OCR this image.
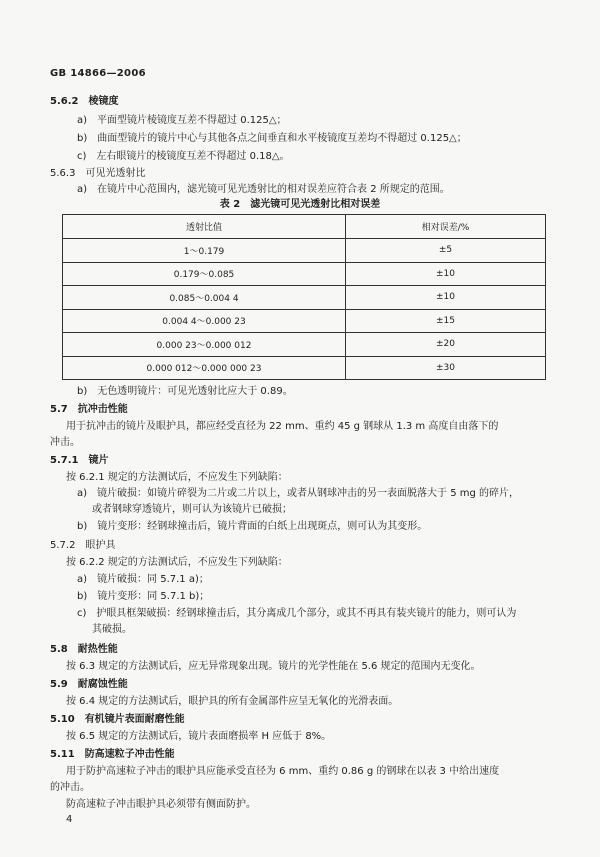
GB 14866—2006
5.6.2　 棱镜度
a)　 平面型镜片棱镜度互差不得超过 0.125△；
b)　 曲面型镜片的镜片中心与其他各点之间垂直和水平棱镜度互差均不得超过 0.125△；
c)　 左右眼镜片的棱镜度互差不得超过 0.18△。
5.6.3　 可见光透射比
a)　 在镜片中心范围内，滤光镜可见光透射比的相对误差应符合表 2 所规定的范围。
表 2　滤光镜可见光透射比相对误差
透射比值	相对误差/%
1～0.179	±5
0.179～0.085	±10
0.085～0.004 4	±10
0.004 4～0.000 23	±15
0.000 23～0.000 012	±20
0.000 012～0.000 000 23	±30
b)　 无色透明镜片：可见光透射比应大于 0.89。
5.7　 抗冲击性能
用于抗冲击的镜片及眼护具，都应经受直径为 22 mm、重约 45 g 钢球从 1.3 m 高度自由落下的
冲击。
5.7.1　 镜片
按 6.2.1 规定的方法测试后，不应发生下列缺陷：
a)　 镜片破损：如镜片碎裂为二片或二片以上，或者从钢球冲击的另一表面脱落大于 5 mg 的碎片，
或者钢球穿透镜片，则可认为该镜片已破损；
b)　 镜片变形：经钢球撞击后，镜片背面的白纸上出现斑点，则可认为其变形。
5.7.2　 眼护具
按 6.2.2 规定的方法测试后，不应发生下列缺陷：
a)　 镜片破损：同 5.7.1 a)；
b)　 镜片变形：同 5.7.1 b)；
c)　 护眼具框架破损：经钢球撞击后，其分离成几个部分，或其不再具有装夹镜片的能力，则可认为
其破损。
5.8　 耐热性能
按 6.3 规定的方法测试后，应无异常现象出现。镜片的光学性能在 5.6 规定的范围内无变化。
5.9　 耐腐蚀性能
按 6.4 规定的方法测试后，眼护具的所有金属部件应呈无氧化的光滑表面。
5.10　 有机镜片表面耐磨性能
按 6.5 规定的方法测试后，镜片表面磨损率 H 应低于 8%。
5.11　 防高速粒子冲击性能
用于防护高速粒子冲击的眼护具应能承受直径为 6 mm、重约 0.86 g 的钢球在以表 3 中给出速度
的冲击。
防高速粒子冲击眼护具必须带有侧面防护。
4
